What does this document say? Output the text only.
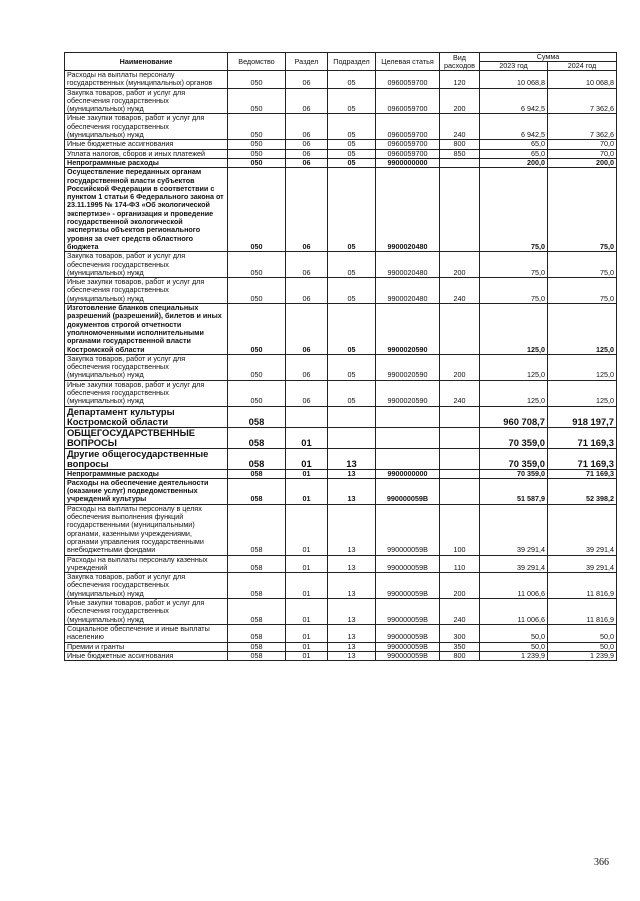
Наименование	Ведомство	Раздел	Подраздел	Целевая статья	Вид расходов	Сумма	
						2023 год	2024 год
Расходы на выплаты персоналу государственных (муниципальных) органов	050	06	05	0960059700	120	10 068,8	10 068,8
Закупка товаров, работ и услуг для обеспечения государственных (муниципальных) нужд	050	06	05	0960059700	200	6 942,5	7 362,6
Иные закупки товаров, работ и услуг для обеспечения государственных (муниципальных) нужд	050	06	05	0960059700	240	6 942,5	7 362,6
Иные бюджетные ассигнования	050	06	05	0960059700	800	65,0	70,0
Уплата налогов, сборов и иных платежей	050	06	05	0960059700	850	65,0	70,0
Непрограммные расходы	050	06	05	9900000000		200,0	200,0
Осуществление переданных органам государственной власти субъектов Российской Федерации в соответствии с пунктом 1 статьи 6 Федерального закона от 23.11.1995 № 174-ФЗ «Об экологической экспертизе» - организация и проведение государственной экологической экспертизы объектов регионального уровня за счет средств областного бюджета	050	06	05	9900020480		75,0	75,0
Закупка товаров, работ и услуг для обеспечения государственных (муниципальных) нужд	050	06	05	9900020480	200	75,0	75,0
Иные закупки товаров, работ и услуг для обеспечения государственных (муниципальных) нужд	050	06	05	9900020480	240	75,0	75,0
Изготовление бланков специальных разрешений (разрешений), билетов и иных документов строгой отчетности уполномоченными исполнительными органами государственной власти Костромской области	050	06	05	9900020590		125,0	125,0
Закупка товаров, работ и услуг для обеспечения государственных (муниципальных) нужд	050	06	05	9900020590	200	125,0	125,0
Иные закупки товаров, работ и услуг для обеспечения государственных (муниципальных) нужд	050	06	05	9900020590	240	125,0	125,0
Департамент культуры Костромской области	058					960 708,7	918 197,7
ОБЩЕГОСУДАРСТВЕННЫЕ ВОПРОСЫ	058	01				70 359,0	71 169,3
Другие общегосударственные вопросы	058	01	13			70 359,0	71 169,3
Непрограммные расходы	058	01	13	9900000000		70 359,0	71 169,3
Расходы на обеспечение деятельности (оказание услуг) подведомственных учреждений культуры	058	01	13	990000059В		51 587,9	52 398,2
Расходы на выплаты персоналу в целях обеспечения выполнения функций государственными (муниципальными) органами, казенными учреждениями, органами управления государственными внебюджетными фондами	058	01	13	990000059В	100	39 291,4	39 291,4
Расходы на выплаты персоналу казенных учреждений	058	01	13	990000059В	110	39 291,4	39 291,4
Закупка товаров, работ и услуг для обеспечения государственных (муниципальных) нужд	058	01	13	990000059В	200	11 006,6	11 816,9
Иные закупки товаров, работ и услуг для обеспечения государственных (муниципальных) нужд	058	01	13	990000059В	240	11 006,6	11 816,9
Социальное обеспечение и иные выплаты населению	058	01	13	990000059В	300	50,0	50,0
Премии и гранты	058	01	13	990000059В	350	50,0	50,0
Иные бюджетные ассигнования	058	01	13	990000059В	800	1 239,9	1 239,9
366
